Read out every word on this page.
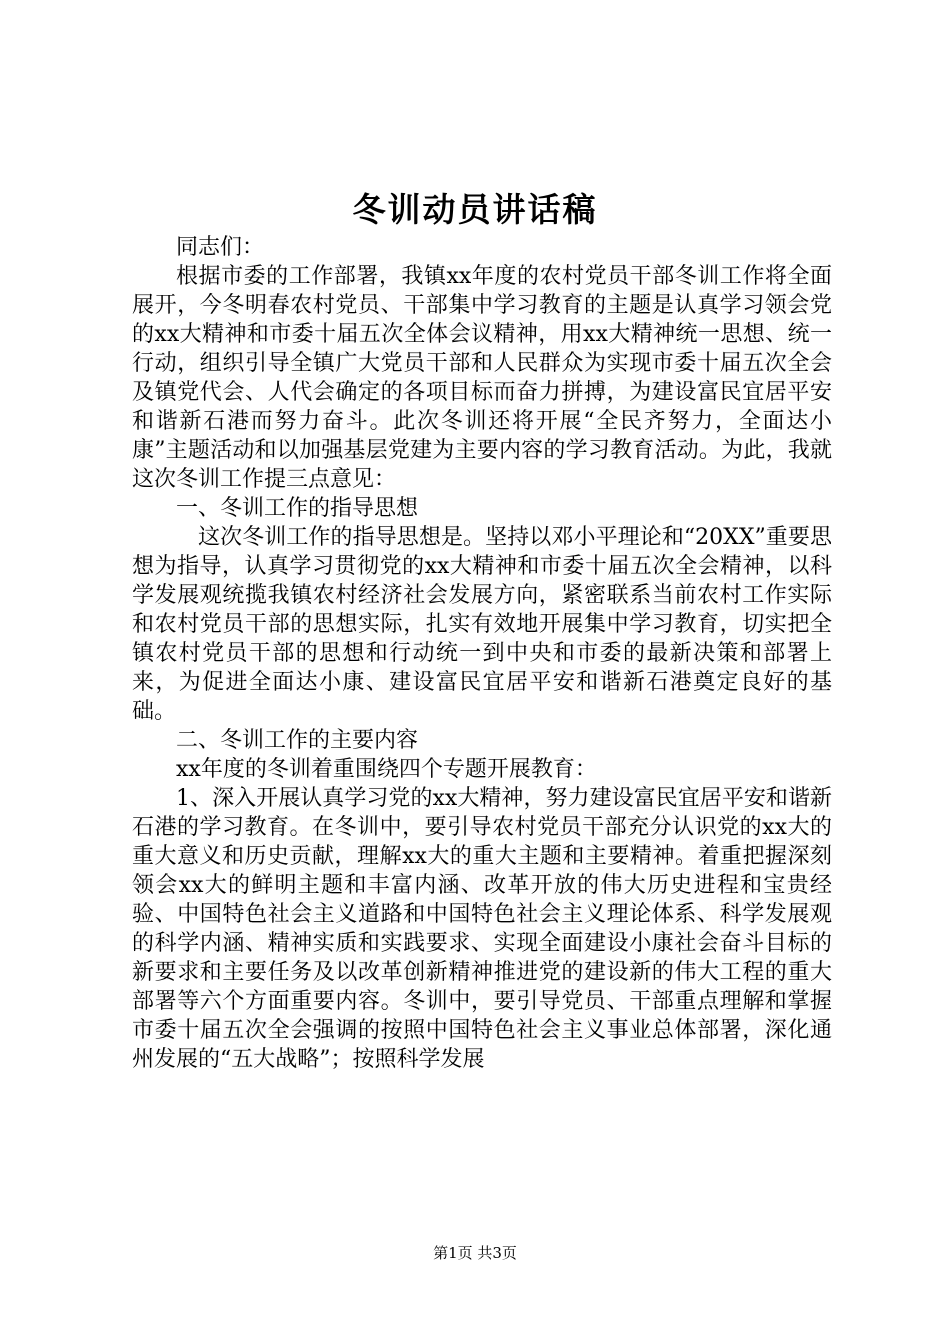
冬训动员讲话稿

同志们：

根据市委的工作部署，我镇xx年度的农村党员干部冬训工作将全面展开，今冬明春农村党员、干部集中学习教育的主题是认真学习领会党的xx大精神和市委十届五次全体会议精神，用xx大精神统一思想、统一行动，组织引导全镇广大党员干部和人民群众为实现市委十届五次全会及镇党代会、人代会确定的各项目标而奋力拼搏，为建设富民宜居平安和谐新石港而努力奋斗。此次冬训还将开展“全民齐努力，全面达小康”主题活动和以加强基层党建为主要内容的学习教育活动。为此，我就这次冬训工作提三点意见：

一、冬训工作的指导思想

这次冬训工作的指导思想是。坚持以邓小平理论和“20XX”重要思想为指导，认真学习贯彻党的xx大精神和市委十届五次全会精神，以科学发展观统揽我镇农村经济社会发展方向，紧密联系当前农村工作实际和农村党员干部的思想实际，扎实有效地开展集中学习教育，切实把全镇农村党员干部的思想和行动统一到中央和市委的最新决策和部署上来，为促进全面达小康、建设富民宜居平安和谐新石港奠定良好的基础。

二、冬训工作的主要内容

xx年度的冬训着重围绕四个专题开展教育：

1、深入开展认真学习党的xx大精神，努力建设富民宜居平安和谐新石港的学习教育。在冬训中，要引导农村党员干部充分认识党的xx大的重大意义和历史贡献，理解xx大的重大主题和主要精神。着重把握深刻领会xx大的鲜明主题和丰富内涵、改革开放的伟大历史进程和宝贵经验、中国特色社会主义道路和中国特色社会主义理论体系、科学发展观的科学内涵、精神实质和实践要求、实现全面建设小康社会奋斗目标的新要求和主要任务及以改革创新精神推进党的建设新的伟大工程的重大部署等六个方面重要内容。冬训中，要引导党员、干部重点理解和掌握市委十届五次全会强调的按照中国特色社会主义事业总体部署，深化通州发展的“五大战略”；按照科学发展

第1页 共3页
